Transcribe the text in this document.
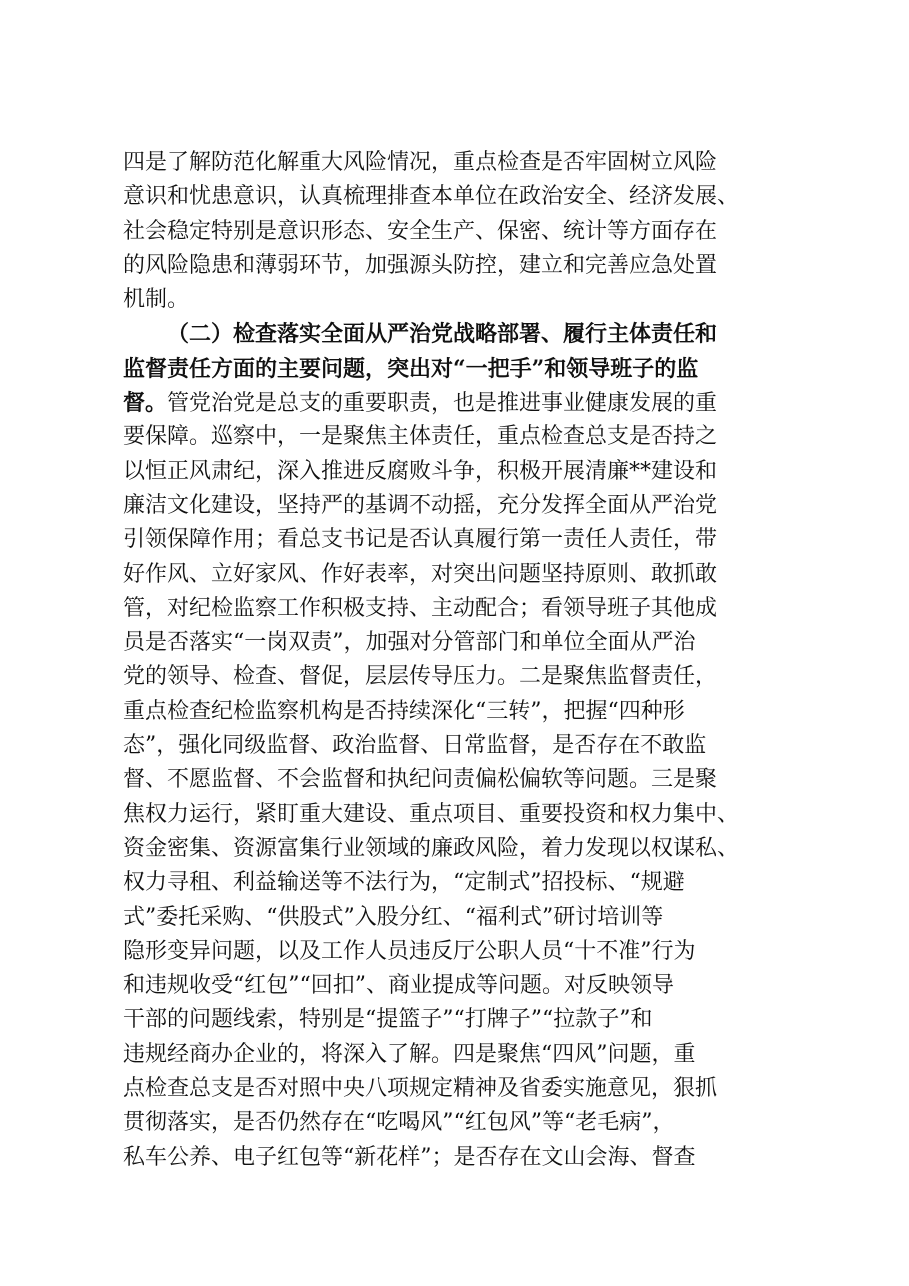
四是了解防范化解重大风险情况，重点检查是否牢固树立风险
意识和忧患意识，认真梳理排查本单位在政治安全、经济发展、
社会稳定特别是意识形态、安全生产、保密、统计等方面存在
的风险隐患和薄弱环节，加强源头防控，建立和完善应急处置
机制。
（二）检查落实全面从严治党战略部署、履行主体责任和
监督责任方面的主要问题，突出对“一把手”和领导班子的监
督。管党治党是总支的重要职责，也是推进事业健康发展的重
要保障。巡察中，一是聚焦主体责任，重点检查总支是否持之
以恒正风肃纪，深入推进反腐败斗争，积极开展清廉**建设和
廉洁文化建设，坚持严的基调不动摇，充分发挥全面从严治党
引领保障作用；看总支书记是否认真履行第一责任人责任，带
好作风、立好家风、作好表率，对突出问题坚持原则、敢抓敢
管，对纪检监察工作积极支持、主动配合；看领导班子其他成
员是否落实“一岗双责”，加强对分管部门和单位全面从严治
党的领导、检查、督促，层层传导压力。二是聚焦监督责任，
重点检查纪检监察机构是否持续深化“三转”，把握“四种形
态”，强化同级监督、政治监督、日常监督，是否存在不敢监
督、不愿监督、不会监督和执纪问责偏松偏软等问题。三是聚
焦权力运行，紧盯重大建设、重点项目、重要投资和权力集中、
资金密集、资源富集行业领域的廉政风险，着力发现以权谋私、
权力寻租、利益输送等不法行为，“定制式”招投标、“规避
式”委托采购、“供股式”入股分红、“福利式”研讨培训等
隐形变异问题，以及工作人员违反厅公职人员“十不准”行为
和违规收受“红包”“回扣”、商业提成等问题。对反映领导
干部的问题线索，特别是“提篮子”“打牌子”“拉款子”和
违规经商办企业的，将深入了解。四是聚焦“四风”问题，重
点检查总支是否对照中央八项规定精神及省委实施意见，狠抓
贯彻落实，是否仍然存在“吃喝风”“红包风”等“老毛病”，
私车公养、电子红包等“新花样”；是否存在文山会海、督查
